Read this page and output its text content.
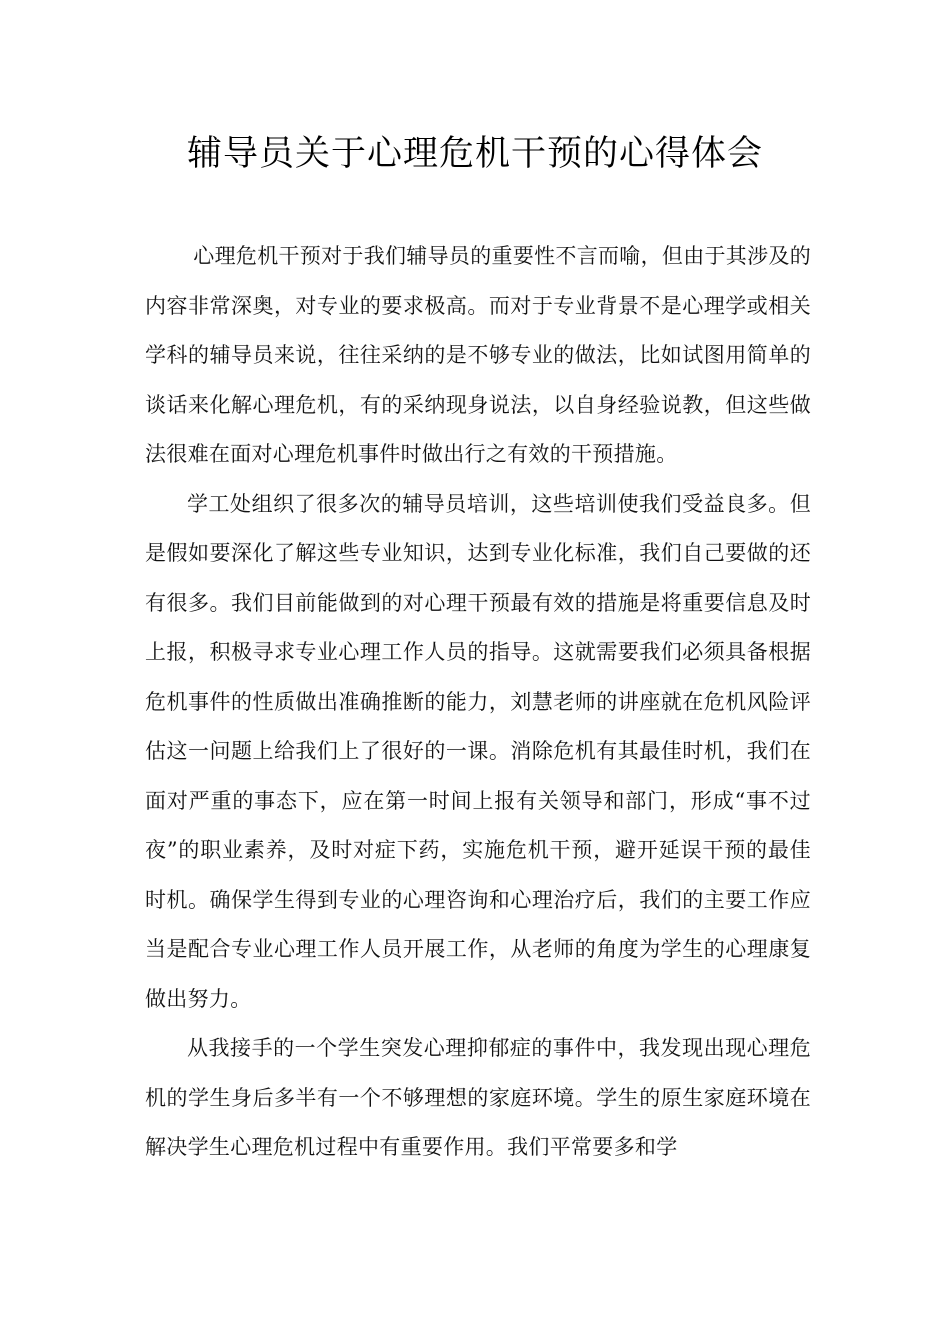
辅导员关于心理危机干预的心得体会

心理危机干预对于我们辅导员的重要性不言而喻，但由于其涉及的内容非常深奥，对专业的要求极高。而对于专业背景不是心理学或相关学科的辅导员来说，往往采纳的是不够专业的做法，比如试图用简单的谈话来化解心理危机，有的采纳现身说法，以自身经验说教，但这些做法很难在面对心理危机事件时做出行之有效的干预措施。

学工处组织了很多次的辅导员培训，这些培训使我们受益良多。但是假如要深化了解这些专业知识，达到专业化标准，我们自己要做的还有很多。我们目前能做到的对心理干预最有效的措施是将重要信息及时上报，积极寻求专业心理工作人员的指导。这就需要我们必须具备根据危机事件的性质做出准确推断的能力，刘慧老师的讲座就在危机风险评估这一问题上给我们上了很好的一课。消除危机有其最佳时机，我们在面对严重的事态下，应在第一时间上报有关领导和部门，形成“事不过夜”的职业素养，及时对症下药，实施危机干预，避开延误干预的最佳时机。确保学生得到专业的心理咨询和心理治疗后，我们的主要工作应当是配合专业心理工作人员开展工作，从老师的角度为学生的心理康复做出努力。

从我接手的一个学生突发心理抑郁症的事件中，我发现出现心理危机的学生身后多半有一个不够理想的家庭环境。学生的原生家庭环境在解决学生心理危机过程中有重要作用。我们平常要多和学
